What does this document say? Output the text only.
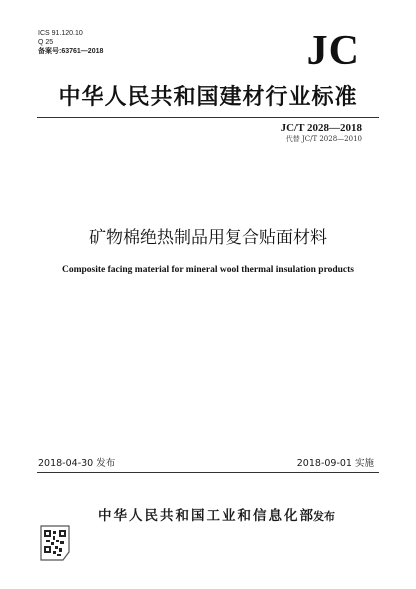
ICS 91.120.10
Q 25
备案号:63761—2018	JC
中华人民共和国建材行业标准
JC/T 2028—2018
代替 JC/T 2028—2010
矿物棉绝热制品用复合贴面材料
Composite facing material for mineral wool thermal insulation products
2018-04-30 发布	2018-09-01 实施
中华人民共和国工业和信息化部
发布
